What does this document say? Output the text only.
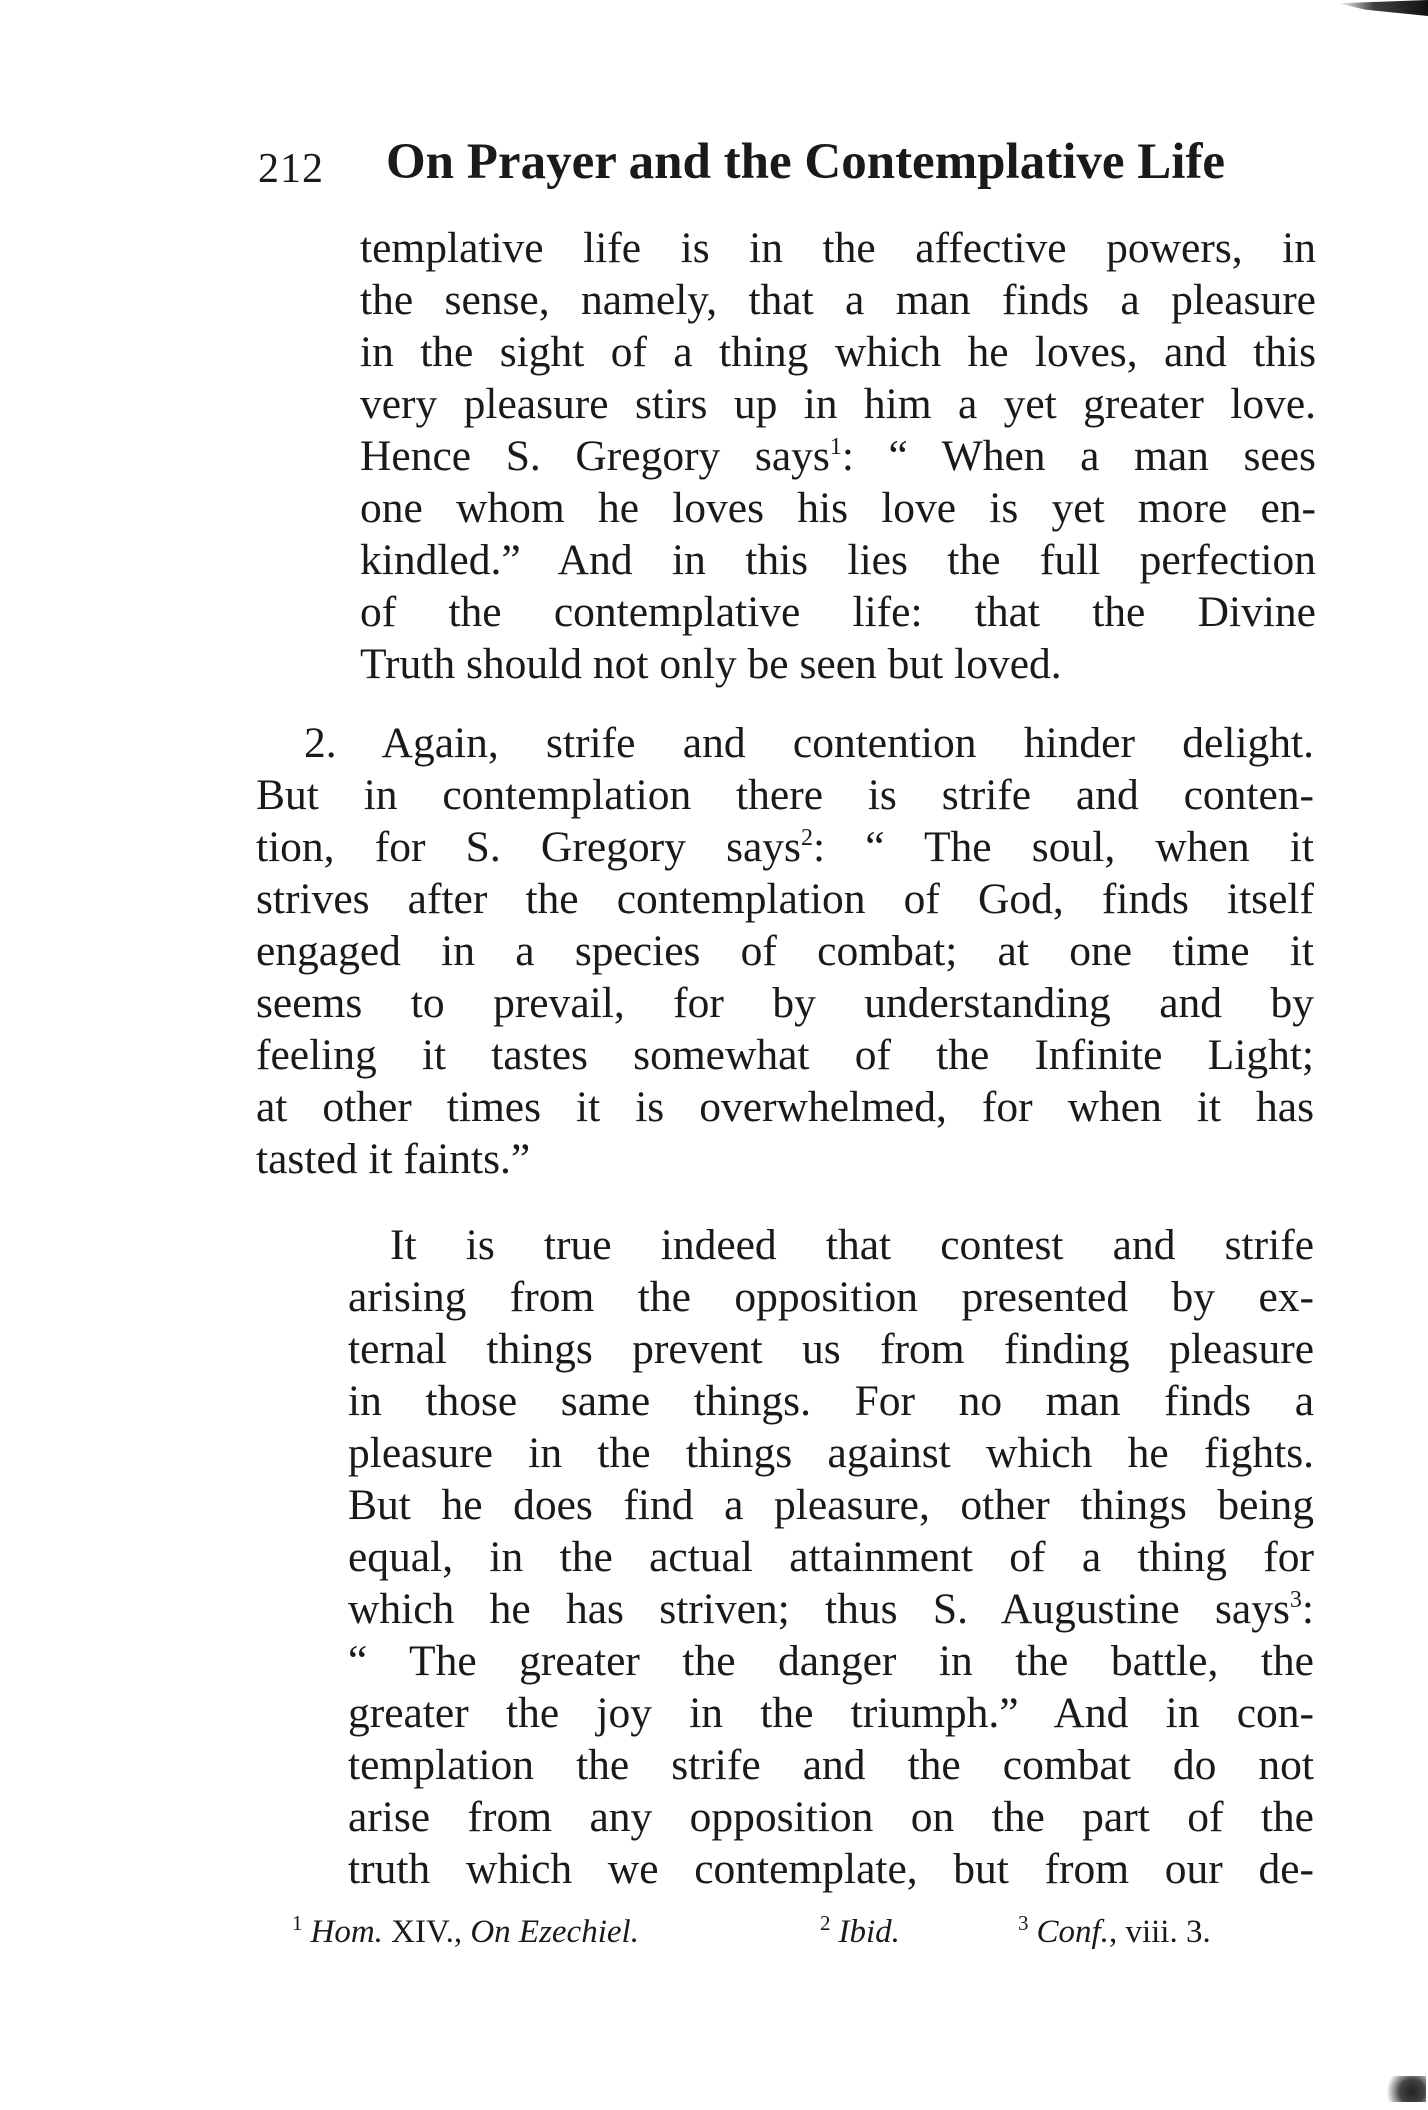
212 On Prayer and the Contemplative Life
templative life is in the affective powers, in
the sense, namely, that a man finds a pleasure
in the sight of a thing which he loves, and this
very pleasure stirs up in him a yet greater love.
Hence S. Gregory says$^1$: “ When a man sees
one whom he loves his love is yet more en-
kindled.” And in this lies the full perfection
of the contemplative life: that the Divine
Truth should not only be seen but loved.
2. Again, strife and contention hinder delight.
But in contemplation there is strife and conten-
tion, for S. Gregory says$^2$: “ The soul, when it
strives after the contemplation of God, finds itself
engaged in a species of combat; at one time it
seems to prevail, for by understanding and by
feeling it tastes somewhat of the Infinite Light;
at other times it is overwhelmed, for when it has
tasted it faints.”
It is true indeed that contest and strife
arising from the opposition presented by ex-
ternal things prevent us from finding pleasure
in those same things. For no man finds a
pleasure in the things against which he fights.
But he does find a pleasure, other things being
equal, in the actual attainment of a thing for
which he has striven; thus S. Augustine says$^3$:
“ The greater the danger in the battle, the
greater the joy in the triumph.” And in con-
templation the strife and the combat do not
arise from any opposition on the part of the
truth which we contemplate, but from our de-
$^1$ Hom. XIV., On Ezechiel.	$^2$ Ibid.	$^3$ Conf., viii. 3.
